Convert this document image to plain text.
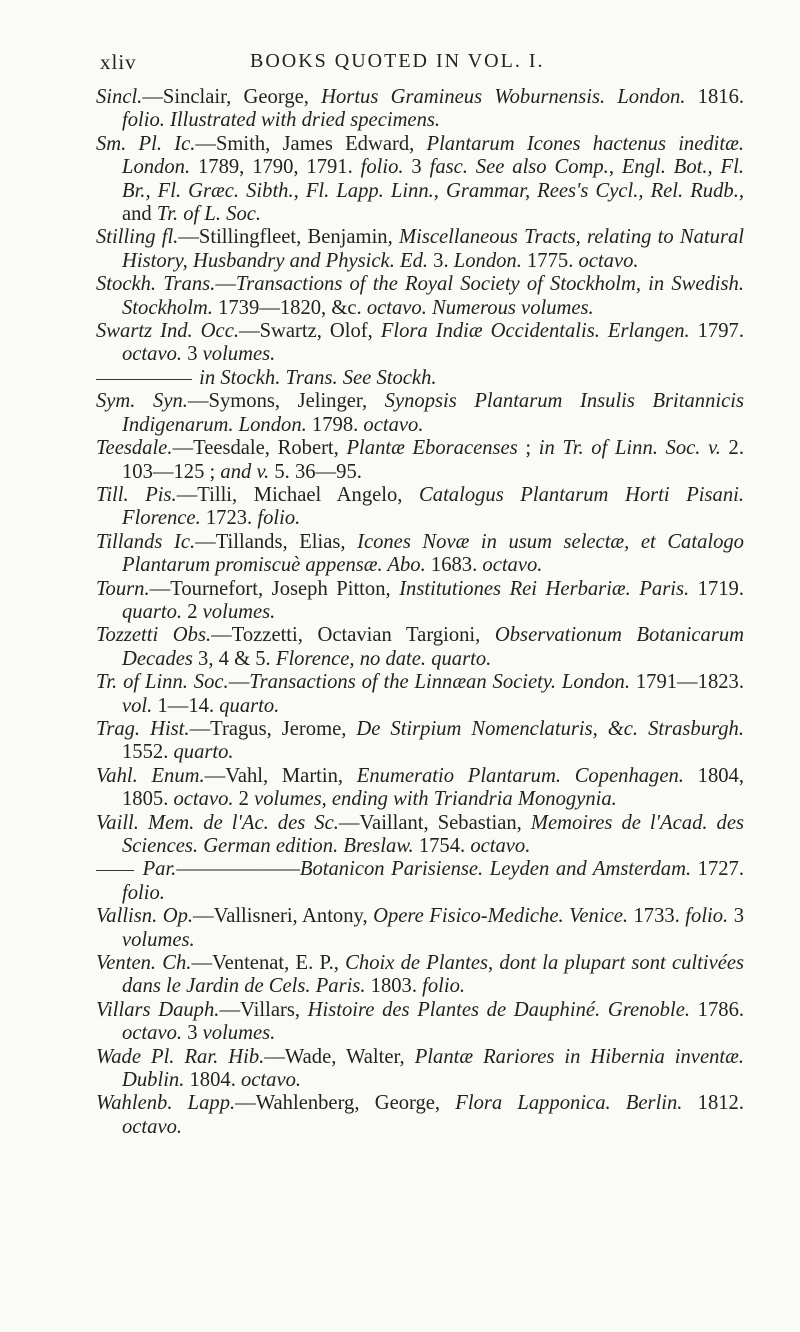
xliv	BOOKS QUOTED IN VOL. I.

Sincl.—Sinclair, George, Hortus Gramineus Woburnensis. London. 1816. folio. Illustrated with dried specimens.

Sm. Pl. Ic.—Smith, James Edward, Plantarum Icones hactenus ineditæ. London. 1789, 1790, 1791. folio. 3 fasc. See also Comp., Engl. Bot., Fl. Br., Fl. Græc. Sibth., Fl. Lapp. Linn., Grammar, Rees's Cycl., Rel. Rudb., and Tr. of L. Soc.

Stilling fl.—Stillingfleet, Benjamin, Miscellaneous Tracts, relating to Natural History, Husbandry and Physick. Ed. 3. London. 1775. octavo.

Stockh. Trans.—Transactions of the Royal Society of Stockholm, in Swedish. Stockholm. 1739—1820, &c. octavo. Numerous volumes.

Swartz Ind. Occ.—Swartz, Olof, Flora Indiæ Occidentalis. Erlangen. 1797. octavo. 3 volumes.

in Stockh. Trans. See Stockh.

Sym. Syn.—Symons, Jelinger, Synopsis Plantarum Insulis Britannicis Indigenarum. London. 1798. octavo.

Teesdale.—Teesdale, Robert, Plantæ Eboracenses ; in Tr. of Linn. Soc. v. 2. 103—125 ; and v. 5. 36—95.

Till. Pis.—Tilli, Michael Angelo, Catalogus Plantarum Horti Pisani. Florence. 1723. folio.

Tillands Ic.—Tillands, Elias, Icones Novæ in usum selectæ, et Catalogo Plantarum promiscuè appensæ. Abo. 1683. octavo.

Tourn.—Tournefort, Joseph Pitton, Institutiones Rei Herbariæ. Paris. 1719. quarto. 2 volumes.

Tozzetti Obs.—Tozzetti, Octavian Targioni, Observationum Botanicarum Decades 3, 4 & 5. Florence, no date. quarto.

Tr. of Linn. Soc.—Transactions of the Linnæan Society. London. 1791—1823. vol. 1—14. quarto.

Trag. Hist.—Tragus, Jerome, De Stirpium Nomenclaturis, &c. Strasburgh. 1552. quarto.

Vahl. Enum.—Vahl, Martin, Enumeratio Plantarum. Copenhagen. 1804, 1805. octavo. 2 volumes, ending with Triandria Monogynia.

Vaill. Mem. de l'Ac. des Sc.—Vaillant, Sebastian, Memoires de l'Acad. des Sciences. German edition. Breslaw. 1754. octavo.

Par.——————Botanicon Parisiense. Leyden and Amsterdam. 1727. folio.

Vallisn. Op.—Vallisneri, Antony, Opere Fisico-Mediche. Venice. 1733. folio. 3 volumes.

Venten. Ch.—Ventenat, E. P., Choix de Plantes, dont la plupart sont cultivées dans le Jardin de Cels. Paris. 1803. folio.

Villars Dauph.—Villars, Histoire des Plantes de Dauphiné. Grenoble. 1786. octavo. 3 volumes.

Wade Pl. Rar. Hib.—Wade, Walter, Plantæ Rariores in Hibernia inventæ. Dublin. 1804. octavo.

Wahlenb. Lapp.—Wahlenberg, George, Flora Lapponica. Berlin. 1812. octavo.
